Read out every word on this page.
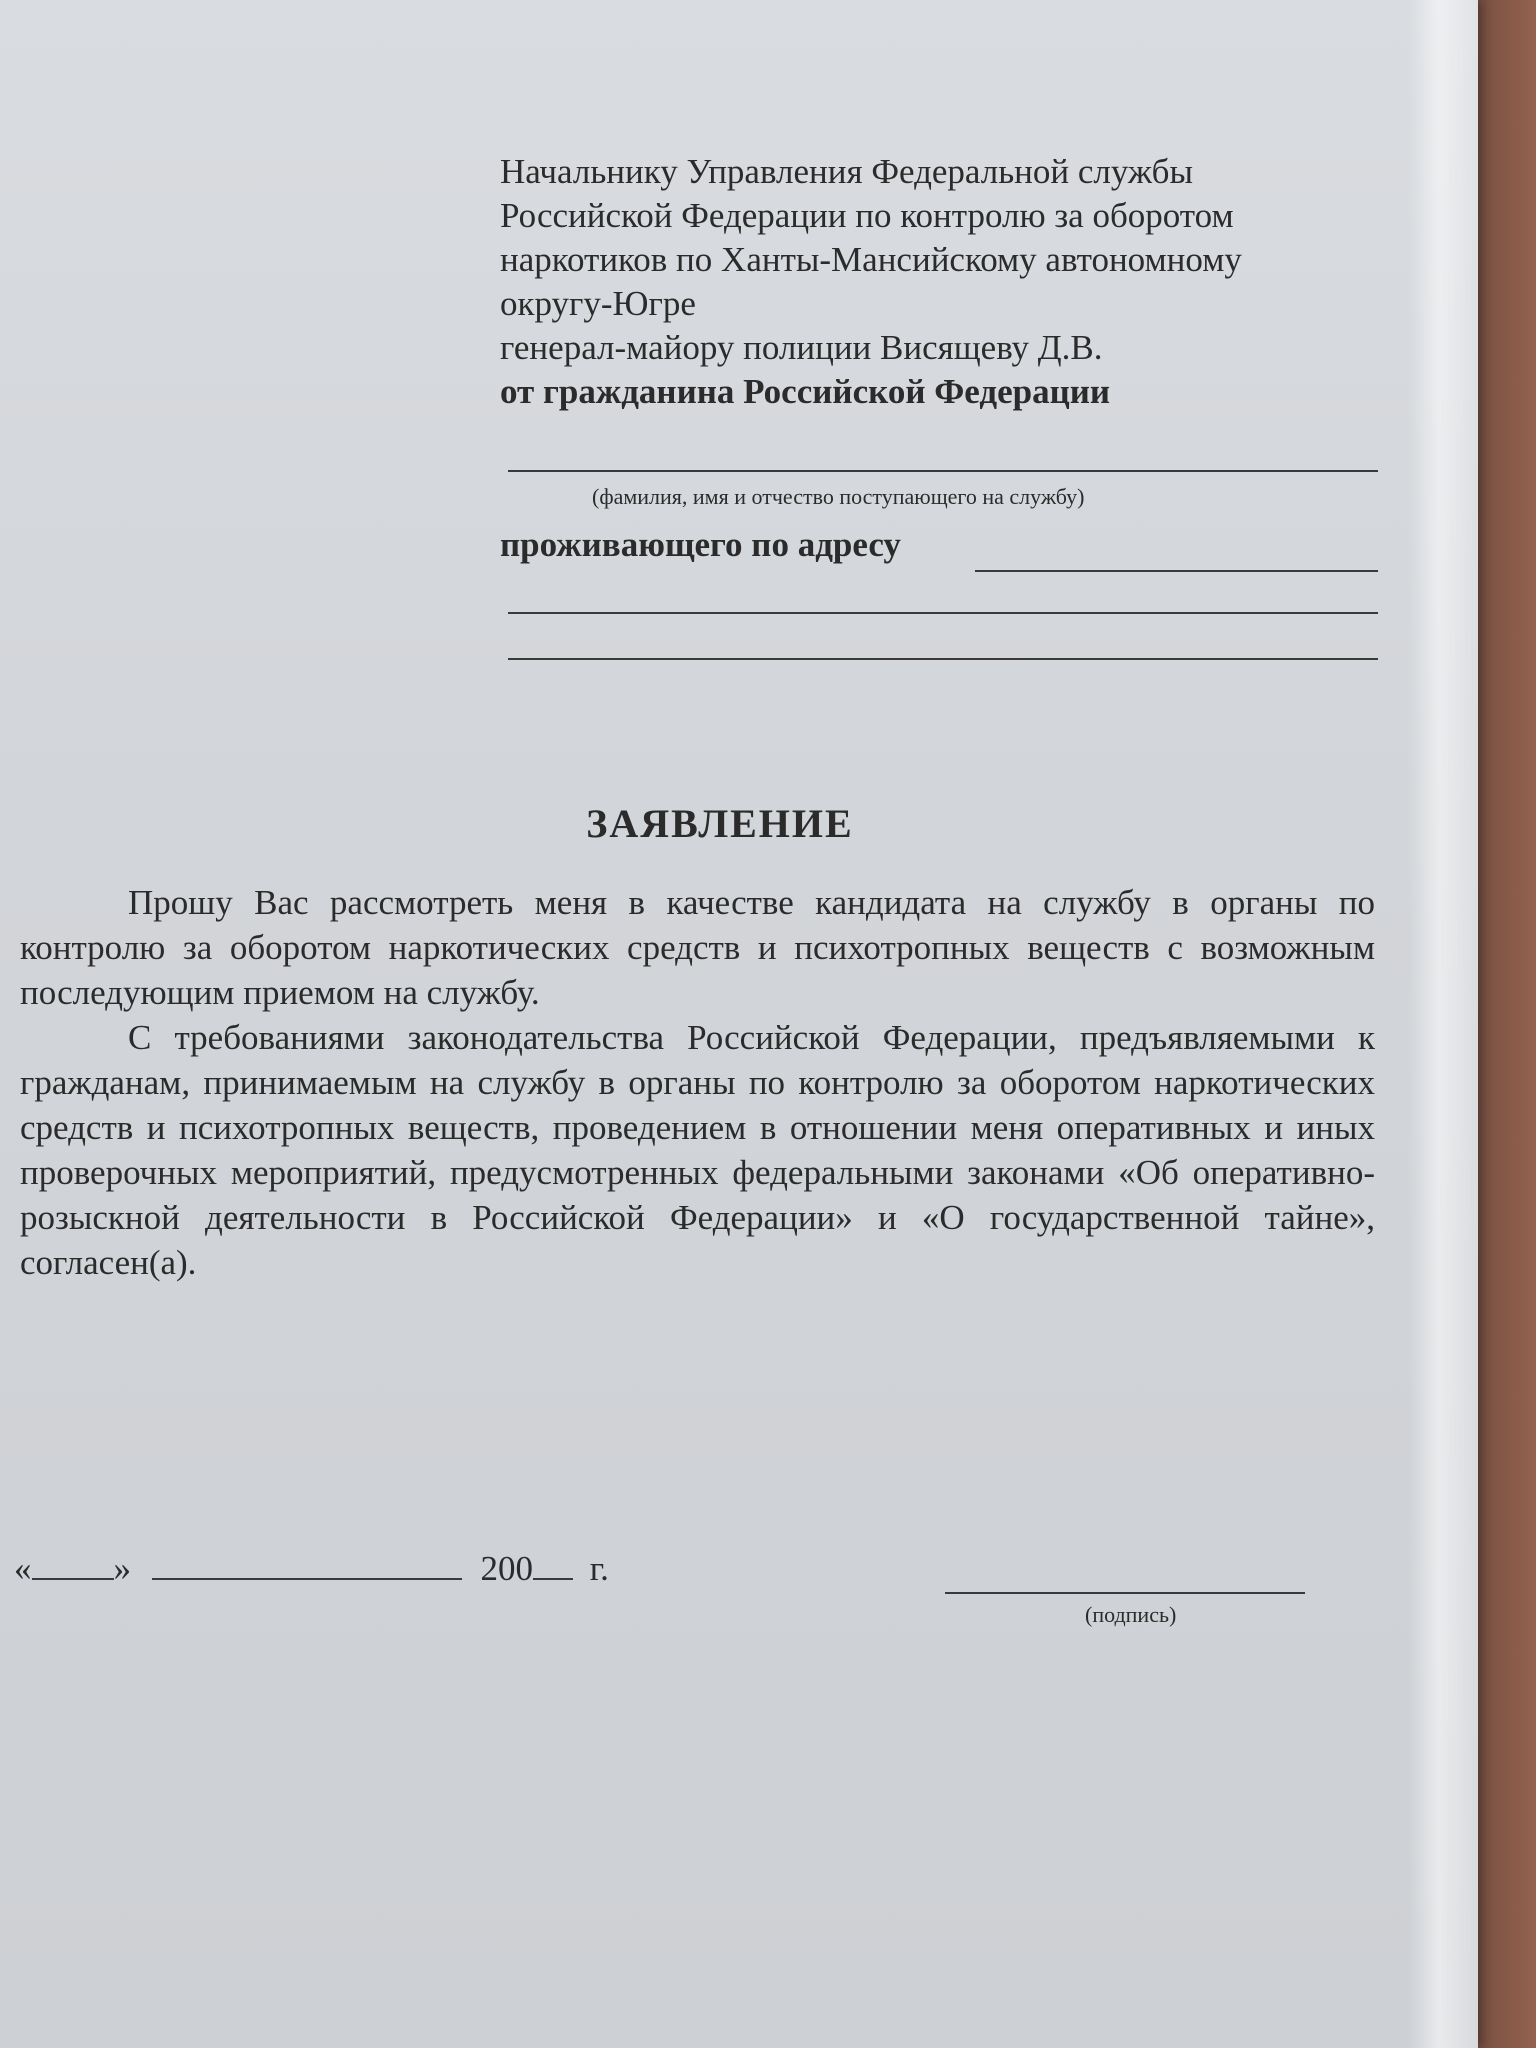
Начальнику Управления Федеральной службы
Российской Федерации по контролю за оборотом
наркотиков по Ханты-Мансийскому автономному
округу-Югре
генерал-майору полиции Висящеву Д.В.
от гражданина Российской Федерации
(фамилия, имя и отчество поступающего на службу)
проживающего по адресу
ЗАЯВЛЕНИЕ

Прошу Вас рассмотреть меня в качестве кандидата на службу в органы по контролю за оборотом наркотических средств и психотропных веществ с возможным последующим приемом на службу.

С требованиями законодательства Российской Федерации, предъявляемыми к гражданам, принимаемым на службу в органы по контролю за оборотом наркотических средств и психотропных веществ, проведением в отношении меня оперативных и иных проверочных мероприятий, предусмотренных федеральными законами «Об оперативно-розыскной деятельности в Российской Федерации» и «О государственной тайне», согласен(а).

« »	200 г.
(подпись)
